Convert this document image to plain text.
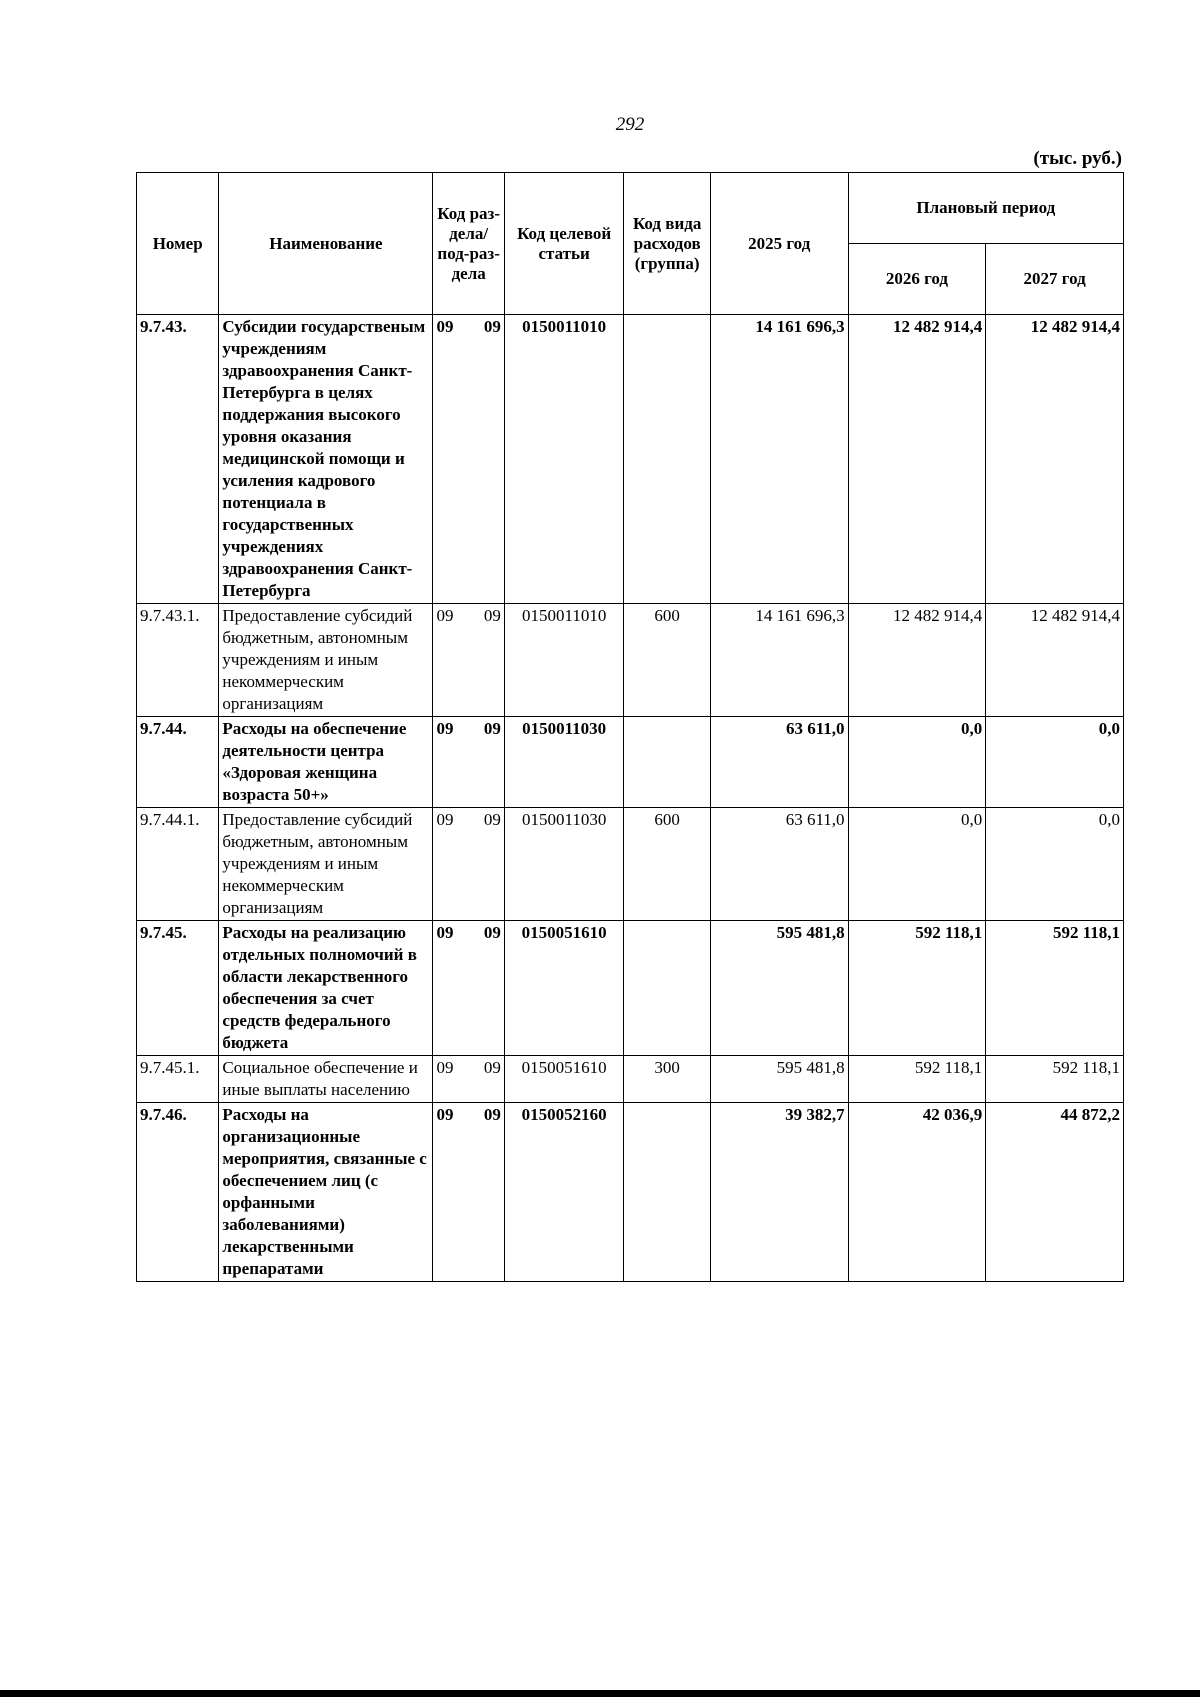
292
(тыс. руб.)
Номер	Наименование	Код раз-дела/ под-раз-дела	Код целевой статьи	Код вида расходов (группа)	2025 год	Плановый период	
						2026 год	2027 год
9.7.43.	Субсидии государственым учреждениям здравоохранения Санкт-Петербурга в целях поддержания высокого уровня оказания медицинской помощи и усиления кадрового потенциала в государственных учреждениях здравоохранения Санкт-Петербурга	09 09	0150011010		14 161 696,3	12 482 914,4	12 482 914,4
9.7.43.1.	Предоставление субсидий бюджетным, автономным учреждениям и иным некоммерческим организациям	09 09	0150011010	600	14 161 696,3	12 482 914,4	12 482 914,4
9.7.44.	Расходы на обеспечение деятельности центра «Здоровая женщина возраста 50+»	09 09	0150011030		63 611,0	0,0	0,0
9.7.44.1.	Предоставление субсидий бюджетным, автономным учреждениям и иным некоммерческим организациям	09 09	0150011030	600	63 611,0	0,0	0,0
9.7.45.	Расходы на реализацию отдельных полномочий в области лекарственного обеспечения за счет средств федерального бюджета	09 09	0150051610		595 481,8	592 118,1	592 118,1
9.7.45.1.	Социальное обеспечение и иные выплаты населению	09 09	0150051610	300	595 481,8	592 118,1	592 118,1
9.7.46.	Расходы на организационные мероприятия, связанные с обеспечением лиц (с орфанными заболеваниями) лекарственными препаратами	09 09	0150052160		39 382,7	42 036,9	44 872,2
